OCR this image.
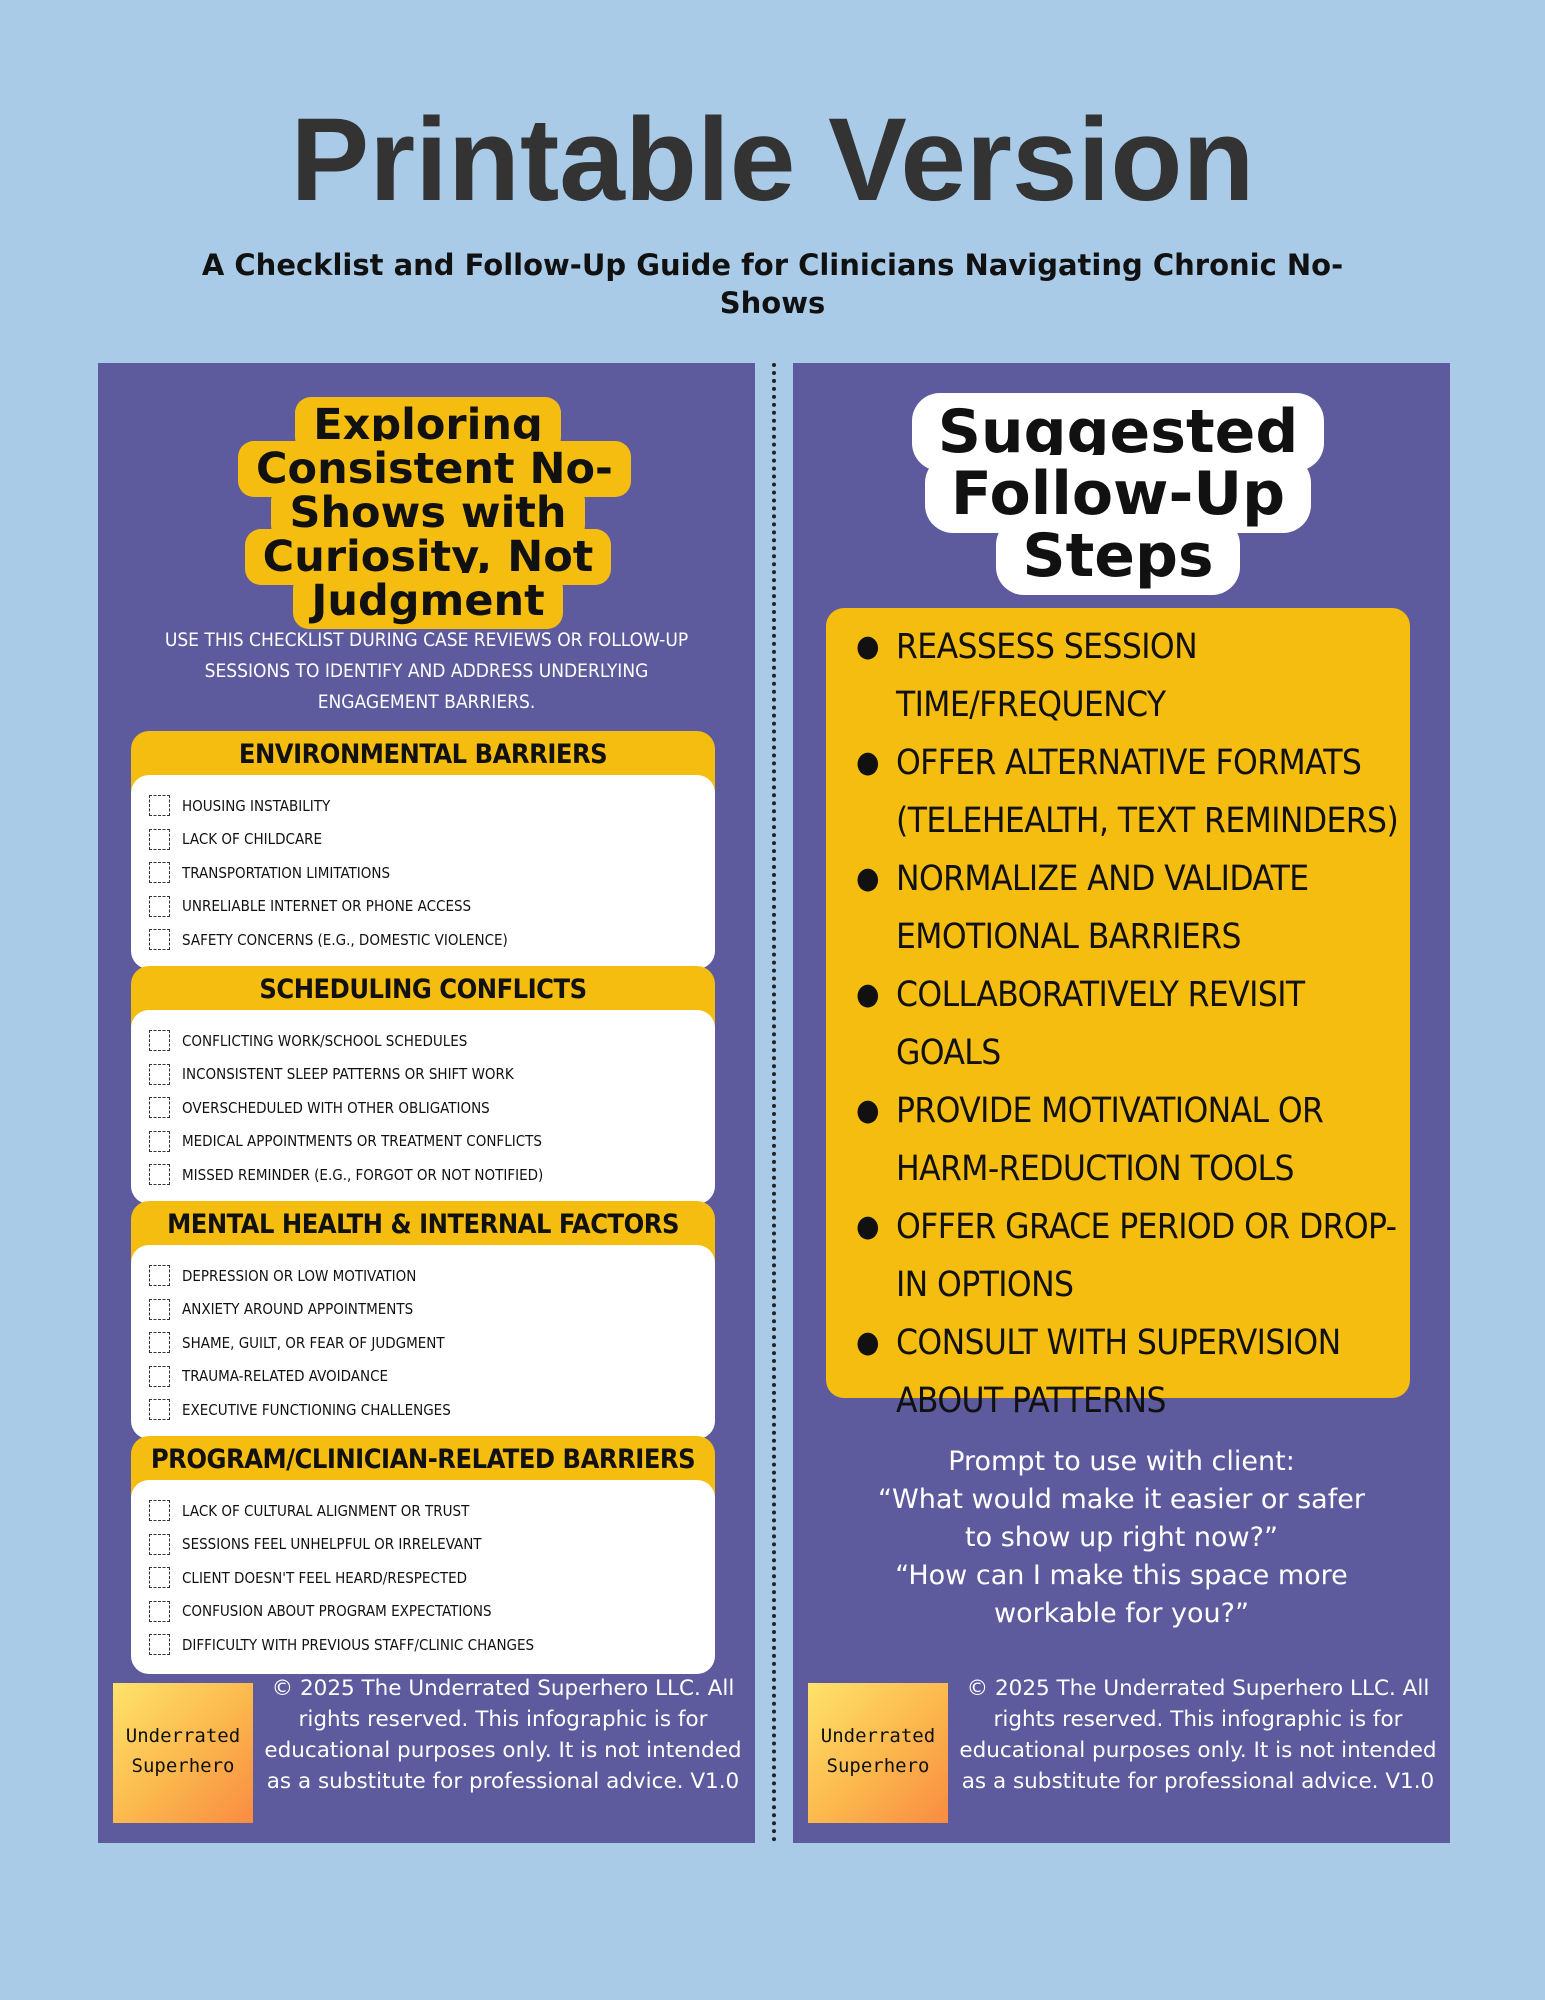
Printable Version

A Checklist and Follow-Up Guide for Clinicians Navigating Chronic No-Shows

Exploring Consistent No-Shows with Curiosity, Not Judgment
USE THIS CHECKLIST DURING CASE REVIEWS OR FOLLOW-UP SESSIONS TO IDENTIFY AND ADDRESS UNDERLYING ENGAGEMENT BARRIERS.
ENVIRONMENTAL BARRIERS
HOUSING INSTABILITY
LACK OF CHILDCARE
TRANSPORTATION LIMITATIONS
UNRELIABLE INTERNET OR PHONE ACCESS
SAFETY CONCERNS (E.G., DOMESTIC VIOLENCE)
SCHEDULING CONFLICTS
CONFLICTING WORK/SCHOOL SCHEDULES
INCONSISTENT SLEEP PATTERNS OR SHIFT WORK
OVERSCHEDULED WITH OTHER OBLIGATIONS
MEDICAL APPOINTMENTS OR TREATMENT CONFLICTS
MISSED REMINDER (E.G., FORGOT OR NOT NOTIFIED)
MENTAL HEALTH & INTERNAL FACTORS
DEPRESSION OR LOW MOTIVATION
ANXIETY AROUND APPOINTMENTS
SHAME, GUILT, OR FEAR OF JUDGMENT
TRAUMA-RELATED AVOIDANCE
EXECUTIVE FUNCTIONING CHALLENGES
PROGRAM/CLINICIAN-RELATED BARRIERS
LACK OF CULTURAL ALIGNMENT OR TRUST
SESSIONS FEEL UNHELPFUL OR IRRELEVANT
CLIENT DOESN'T FEEL HEARD/RESPECTED
CONFUSION ABOUT PROGRAM EXPECTATIONS
DIFFICULTY WITH PREVIOUS STAFF/CLINIC CHANGES
Underrated
Superhero
© 2025 The Underrated Superhero LLC. All rights reserved. This infographic is for educational purposes only. It is not intended as a substitute for professional advice. V1.0
Suggested Follow-Up Steps
● REASSESS SESSION TIME/FREQUENCY
● OFFER ALTERNATIVE FORMATS (TELEHEALTH, TEXT REMINDERS)
● NORMALIZE AND VALIDATE EMOTIONAL BARRIERS
● COLLABORATIVELY REVISIT GOALS
● PROVIDE MOTIVATIONAL OR HARM-REDUCTION TOOLS
● OFFER GRACE PERIOD OR DROP-IN OPTIONS
● CONSULT WITH SUPERVISION ABOUT PATTERNS
Prompt to use with client:
“What would make it easier or safer to show up right now?”
“How can I make this space more workable for you?”
Underrated
Superhero
© 2025 The Underrated Superhero LLC. All rights reserved. This infographic is for educational purposes only. It is not intended as a substitute for professional advice. V1.0
